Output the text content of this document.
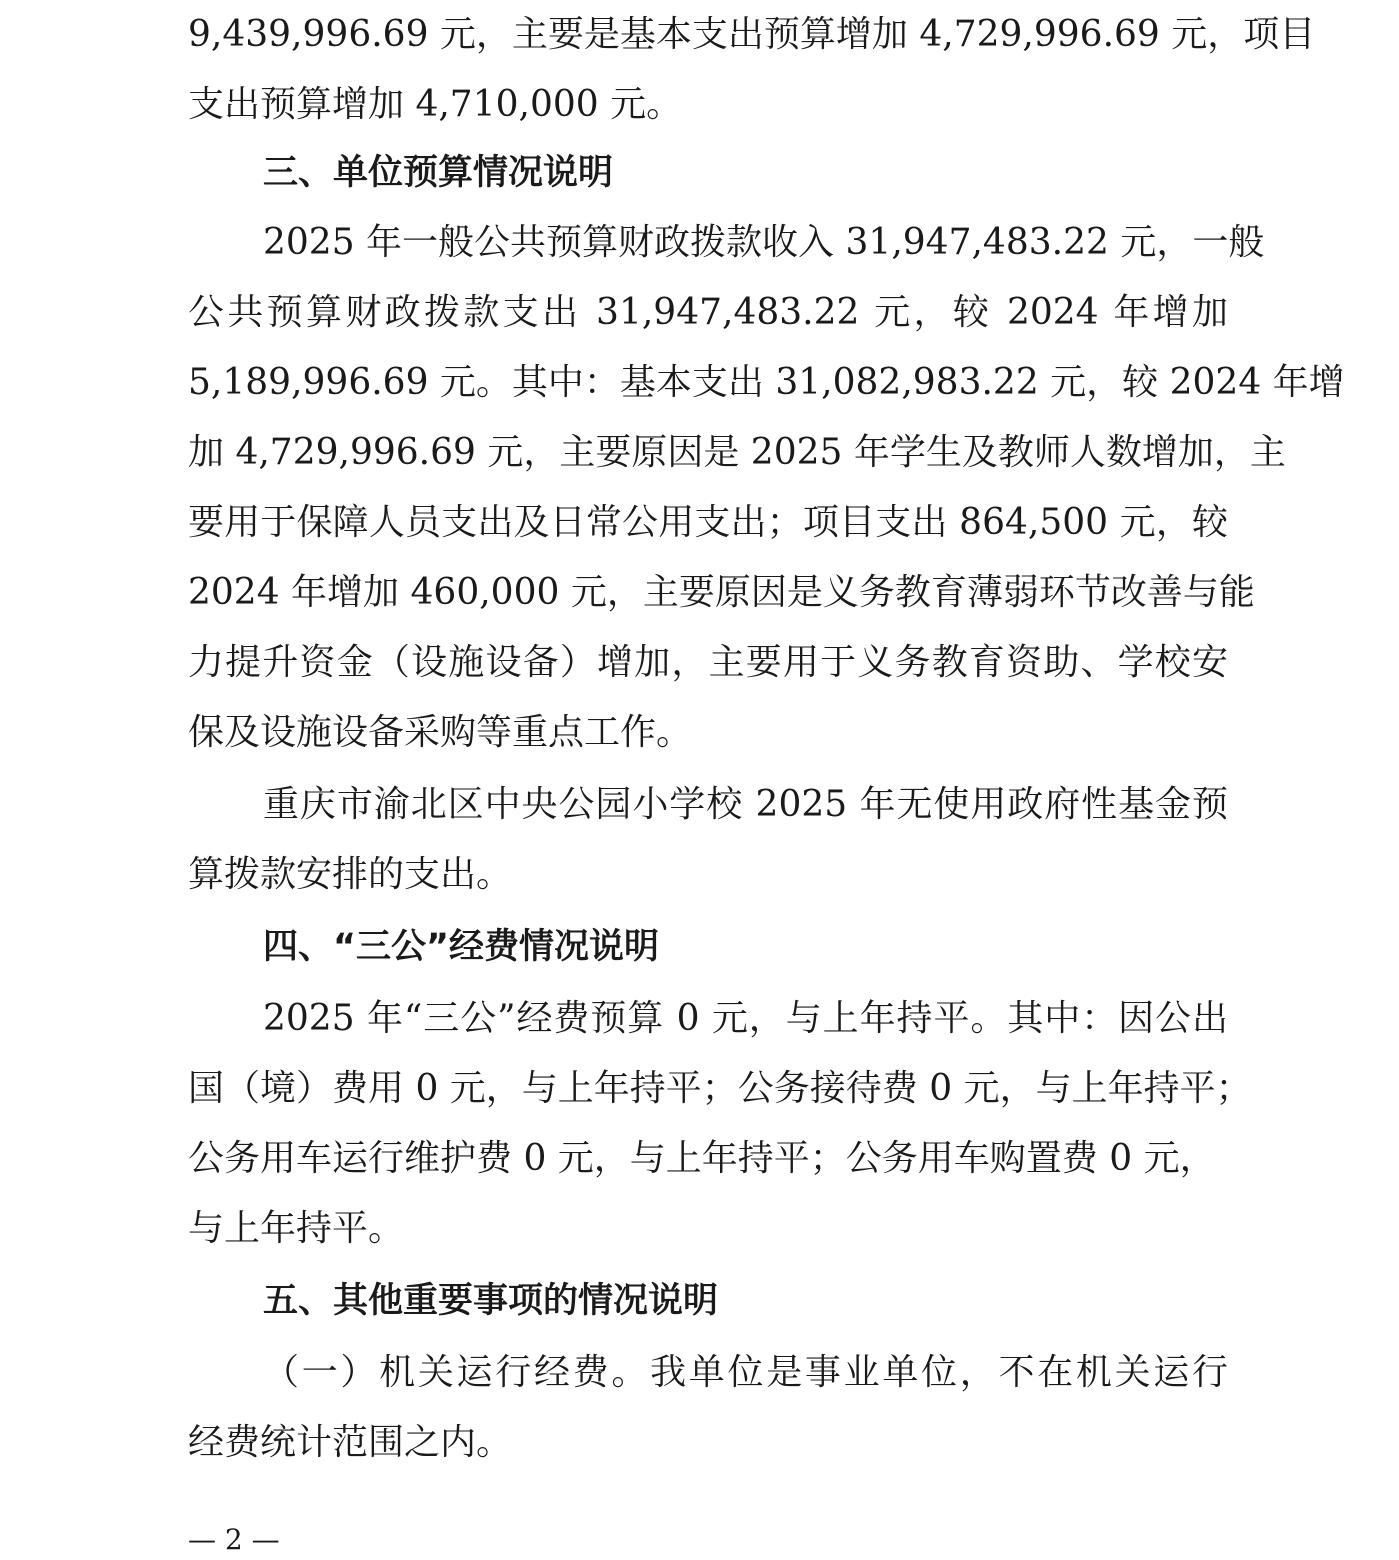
9,439,996.69 元，主要是基本支出预算增加 4,729,996.69 元，项目
支出预算增加 4,710,000 元。
三、单位预算情况说明
2025 年一般公共预算财政拨款收入 31,947,483.22 元，一般
公共预算财政拨款支出 31,947,483.22 元，较 2024 年增加
5,189,996.69 元。其中：基本支出 31,082,983.22 元，较 2024 年增
加 4,729,996.69 元，主要原因是 2025 年学生及教师人数增加，主
要用于保障人员支出及日常公用支出；项目支出 864,500 元，较
2024 年增加 460,000 元，主要原因是义务教育薄弱环节改善与能
力提升资金（设施设备）增加，主要用于义务教育资助、学校安
保及设施设备采购等重点工作。
重庆市渝北区中央公园小学校 2025 年无使用政府性基金预
算拨款安排的支出。
四、“三公”经费情况说明
2025 年“三公”经费预算 0 元，与上年持平。其中：因公出
国（境）费用 0 元，与上年持平；公务接待费 0 元，与上年持平；
公务用车运行维护费 0 元，与上年持平；公务用车购置费 0 元，
与上年持平。
五、其他重要事项的情况说明
（一）机关运行经费。我单位是事业单位，不在机关运行
经费统计范围之内。
— 2 —
